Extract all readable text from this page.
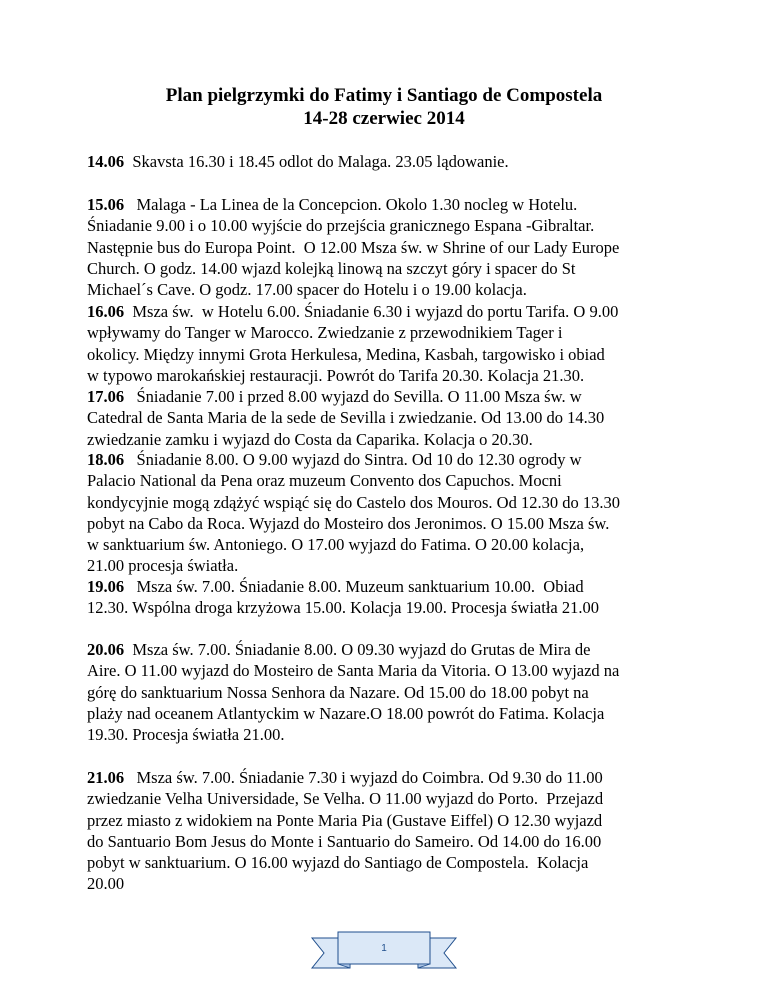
Plan pielgrzymki do Fatimy i Santiago de Compostela
14-28 czerwiec 2014
14.06  Skavsta 16.30 i 18.45 odlot do Malaga. 23.05 lądowanie.
15.06   Malaga - La Linea de la Concepcion. Okolo 1.30 nocleg w Hotelu.
Śniadanie 9.00 i o 10.00 wyjście do przejścia granicznego Espana -Gibraltar.
Następnie bus do Europa Point.  O 12.00 Msza św. w Shrine of our Lady Europe
Church. O godz. 14.00 wjazd kolejką linową na szczyt góry i spacer do St
Michael´s Cave. O godz. 17.00 spacer do Hotelu i o 19.00 kolacja.
16.06  Msza św.  w Hotelu 6.00. Śniadanie 6.30 i wyjazd do portu Tarifa. O 9.00
wpływamy do Tanger w Marocco. Zwiedzanie z przewodnikiem Tager i
okolicy. Między innymi Grota Herkulesa, Medina, Kasbah, targowisko i obiad
w typowo marokańskiej restauracji. Powrót do Tarifa 20.30. Kolacja 21.30.
17.06   Śniadanie 7.00 i przed 8.00 wyjazd do Sevilla. O 11.00 Msza św. w
Catedral de Santa Maria de la sede de Sevilla i zwiedzanie. Od 13.00 do 14.30
zwiedzanie zamku i wyjazd do Costa da Caparika. Kolacja o 20.30.
18.06   Śniadanie 8.00. O 9.00 wyjazd do Sintra. Od 10 do 12.30 ogrody w
Palacio National da Pena oraz muzeum Convento dos Capuchos. Mocni
kondycyjnie mogą zdążyć wspiąć się do Castelo dos Mouros. Od 12.30 do 13.30
pobyt na Cabo da Roca. Wyjazd do Mosteiro dos Jeronimos. O 15.00 Msza św.
w sanktuarium św. Antoniego. O 17.00 wyjazd do Fatima. O 20.00 kolacja,
21.00 procesja światła.
19.06   Msza św. 7.00. Śniadanie 8.00. Muzeum sanktuarium 10.00.  Obiad
12.30. Wspólna droga krzyżowa 15.00. Kolacja 19.00. Procesja światła 21.00
20.06  Msza św. 7.00. Śniadanie 8.00. O 09.30 wyjazd do Grutas de Mira de
Aire. O 11.00 wyjazd do Mosteiro de Santa Maria da Vitoria. O 13.00 wyjazd na
górę do sanktuarium Nossa Senhora da Nazare. Od 15.00 do 18.00 pobyt na
plaży nad oceanem Atlantyckim w Nazare.O 18.00 powrót do Fatima. Kolacja
19.30. Procesja światła 21.00.
21.06   Msza św. 7.00. Śniadanie 7.30 i wyjazd do Coimbra. Od 9.30 do 11.00
zwiedzanie Velha Universidade, Se Velha. O 11.00 wyjazd do Porto.  Przejazd
przez miasto z widokiem na Ponte Maria Pia (Gustave Eiffel) O 12.30 wyjazd
do Santuario Bom Jesus do Monte i Santuario do Sameiro. Od 14.00 do 16.00
pobyt w sanktuarium. O 16.00 wyjazd do Santiago de Compostela.  Kolacja
20.00
1
